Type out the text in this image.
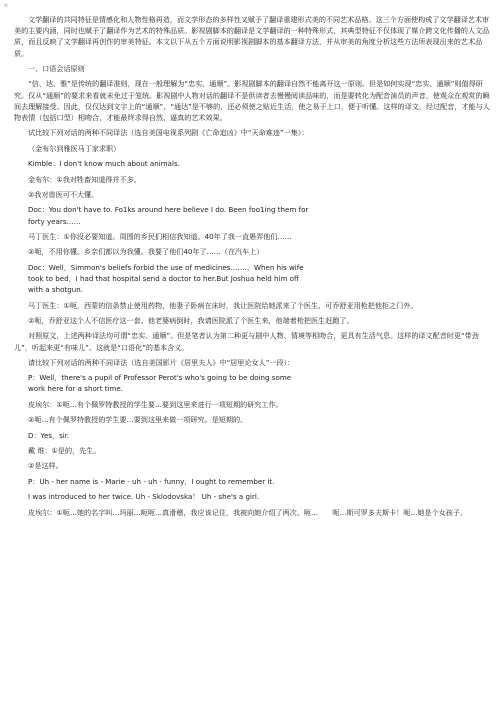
¤

文学翻译的共同特征是情感化和人物性格再造，而文学形态的多样性又赋予了翻译重建形式美的不同艺术品格。这三个方面使构成了文学翻译艺术审美的主要内涵，同时也赋予了翻译作为艺术的特殊品质。影视剧脚本的翻译是文学翻译的一种特殊形式，其典型特征不仅体现了媒介跨文化传播的人文品质，而且反映了文学翻译再创作的审美特征。本文以下从五个方面说明影视剧脚本的基本翻译方法，并从审美的角度分析这些方法所表现出来的艺术品质。

一、口语会话原则

“信、达、雅”是传统的翻译准则，现在一般理解为“忠实、通顺”。影视剧脚本的翻译自然不能离开这一原则。但是如何实现“忠实、通顺”则值得研究。仅从“通顺”的要求来看就未免过于笼统。影视剧中人物对话的翻译不是供读者去慢慢阅读品味的，而是要转化为配音演员的声音，使观众在观赏的瞬间去理解接受。因此，仅仅达到文字上的“通顺”、“通达”是不够的，还必须使之贴近生活，使之易于上口，便于听懂。这样的译文，经过配音，才能与人物表情（包括口型）相吻合，才能最终求得自然、逼真的艺术效果。

试比较下列对话的两种不同译法（选自美国电视系列剧《亡命追凶》中“天命难违”一集）：

（金布尔到雅医马丁家求职）

Kimble：I don't know much about animals.

金布尔：①我对牲畜知道得并不多。

②我对兽医可不大懂。

Doc：You don't have to. Fo1ks around here believe I do. Been foo1ing them for

forty years……

马丁医生：①你没必要知道。周围的乡民们相信我知道。40年了我一直愚弄他们……

②呃，不用你懂。乡亲们都以为我懂。我要了他们40年了……（在汽车上）

Doc：Well，Simmon's beliefs forbid the use of medicines…….，When his wife

took to bed，I had that hospital send a doctor to her.But Joshua held him off

with a shotgun.

马丁医生：①呃，西蒙的信条禁止使用药物，他妻子卧病在床时，我让医院给她派来了个医生，可乔舒亚用枪把他拒之门外。

②呃，乔舒亚这个人不信医疗这一套。他老婆病倒时，我请医院派了个医生来，他端着枪把医生赶跑了。

对照原文，上述两种译法均可谓“忠实、通顺”。但是笔者认为第二种更与剧中人物、情境等相吻合，更具有生活气息。这样的译文配音时更“带劲儿”，听起来更“有味儿”。这就是“口语化”的基本含义。

请比较下列对话的两种不同译法（选自美国影片《居里夫人》中“居里论女人”一段）：

P：Well，there's a pupil of Professor Perot's who's going to be doing some

work here for a short time.

皮埃尔：①呃…有个佩罗特教授的学生要…要到这里来进行一项短期的研究工作。

②呃…有个佩罗特教授的学生要…要到这里来做一项研究。是短期的。

D：Yes，sir.

戴 维：①是的，先生。

②是这样。

P：Uh - her name is - Marie - uh - uh - funny，I ought to remember it.

I was introduced to her twice. Uh - Sklodovska！ Uh - she's a girl.

皮埃尔：①呃…她的名字叫…玛丽…呃呃…真滑稽，我应该记住，我被向她介绍了两次。呃…　　呃…斯可罗多夫斯卡！呃…她是个女孩子。
